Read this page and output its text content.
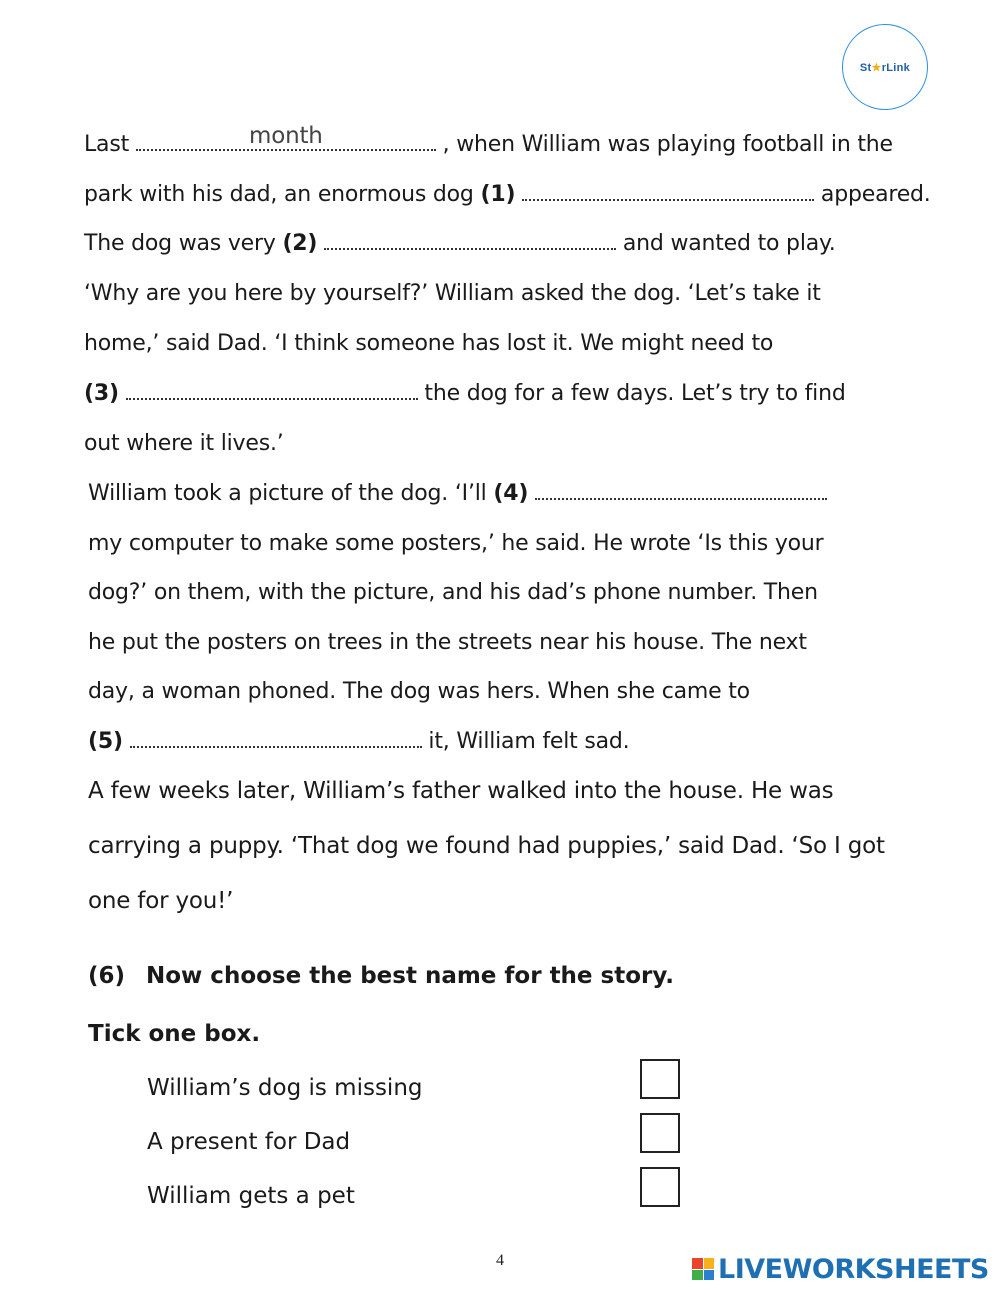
St★rLink
Last	month	, when William was playing football in the
park with his dad, an enormous dog (1)	appeared.
The dog was very (2)	and wanted to play.
‘Why are you here by yourself?’ William asked the dog. ‘Let’s take it
home,’ said Dad. ‘I think someone has lost it. We might need to
(3)	the dog for a few days. Let’s try to find
out where it lives.’
William took a picture of the dog. ‘I’ll (4)
my computer to make some posters,’ he said. He wrote ‘Is this your
dog?’ on them, with the picture, and his dad’s phone number. Then
he put the posters on trees in the streets near his house. The next
day, a woman phoned. The dog was hers. When she came to
(5)	it, William felt sad.
A few weeks later, William’s father walked into the house. He was
carrying a puppy. ‘That dog we found had puppies,’ said Dad. ‘So I got
one for you!’
(6) Now choose the best name for the story.
Tick one box.
William’s dog is missing
A present for Dad
William gets a pet
4	LIVEWORKSHEETS
